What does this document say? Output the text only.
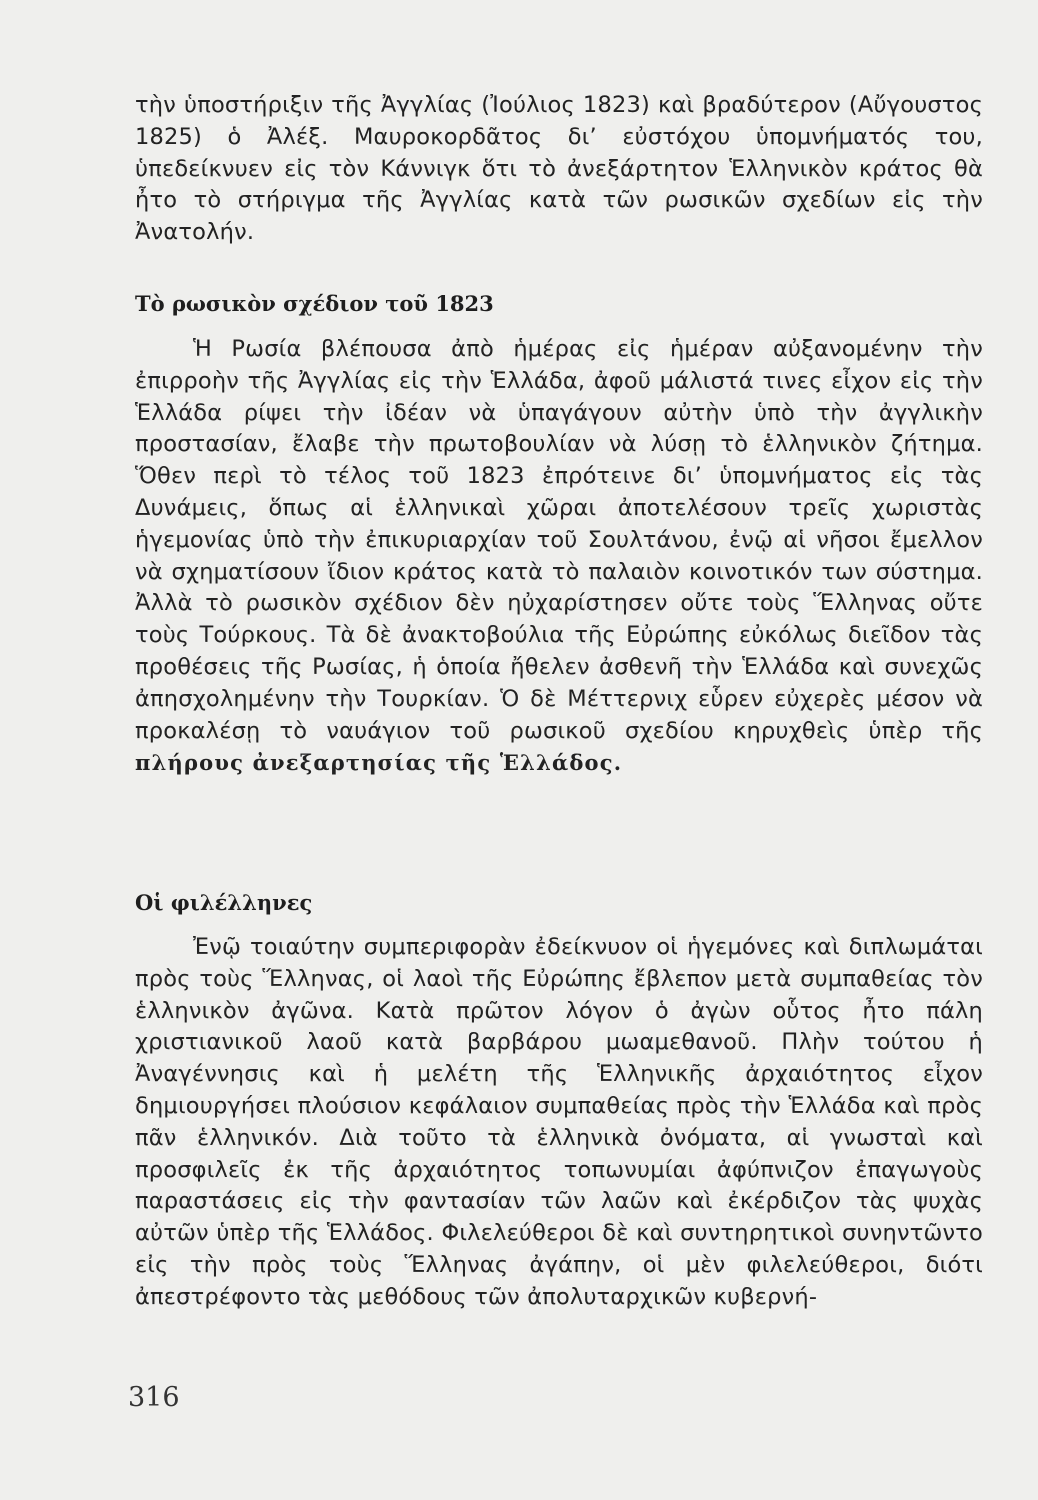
τὴν ὑποστήριξιν τῆς Ἀγγλίας (Ἰούλιος 1823) καὶ βραδύτερον (Αὔγουστος 1825) ὁ Ἀλέξ. Μαυροκορδᾶτος δι’ εὐστόχου ὑπομνήματός του, ὑπεδείκνυεν εἰς τὸν Κάννιγκ ὅτι τὸ ἀνεξάρτητον Ἑλληνικὸν κράτος θὰ ἦτο τὸ στήριγμα τῆς Ἀγγλίας κατὰ τῶν ρωσικῶν σχεδίων εἰς τὴν Ἀνατολήν.

Τὸ ρωσικὸν σχέδιον τοῦ 1823

Ἡ Ρωσία βλέπουσα ἀπὸ ἡμέρας εἰς ἡμέραν αὐξανομένην τὴν ἐπιρροὴν τῆς Ἀγγλίας εἰς τὴν Ἑλλάδα, ἀφοῦ μάλιστά τινες εἶχον εἰς τὴν Ἑλλάδα ρίψει τὴν ἰδέαν νὰ ὑπαγάγουν αὐτὴν ὑπὸ τὴν ἀγγλικὴν προστασίαν, ἔλαβε τὴν πρωτοβουλίαν νὰ λύσῃ τὸ ἑλληνικὸν ζήτημα. Ὅθεν περὶ τὸ τέλος τοῦ 1823 ἐπρότεινε δι’ ὑπομνήματος εἰς τὰς Δυνάμεις, ὅπως αἱ ἑλληνικαὶ χῶραι ἀποτελέσουν τρεῖς χωριστὰς ἡγεμονίας ὑπὸ τὴν ἐπικυριαρχίαν τοῦ Σουλτάνου, ἐνῷ αἱ νῆσοι ἔμελλον νὰ σχηματίσουν ἴδιον κράτος κατὰ τὸ παλαιὸν κοινοτικόν των σύστημα. Ἀλλὰ τὸ ρωσικὸν σχέδιον δὲν ηὐχαρίστησεν οὔτε τοὺς Ἕλληνας οὔτε τοὺς Τούρκους. Τὰ δὲ ἀνακτοβούλια τῆς Εὐρώπης εὐκόλως διεῖδον τὰς προθέσεις τῆς Ρωσίας, ἡ ὁποία ἤθελεν ἀσθενῆ τὴν Ἑλλάδα καὶ συνεχῶς ἀπησχολημένην τὴν Τουρκίαν. Ὁ δὲ Μέττερνιχ εὗρεν εὐχερὲς μέσον νὰ προκαλέσῃ τὸ ναυάγιον τοῦ ρωσικοῦ σχεδίου κηρυχθεὶς ὑπὲρ τῆς πλήρους ἀνεξαρτησίας τῆς Ἑλλάδος.

Οἱ φιλέλληνες

Ἐνῷ τοιαύτην συμπεριφορὰν ἐδείκνυον οἱ ἡγεμόνες καὶ διπλωμάται πρὸς τοὺς Ἕλληνας, οἱ λαοὶ τῆς Εὐρώπης ἔβλεπον μετὰ συμπαθείας τὸν ἑλληνικὸν ἀγῶνα. Κατὰ πρῶτον λόγον ὁ ἀγὼν οὗτος ἦτο πάλη χριστιανικοῦ λαοῦ κατὰ βαρβάρου μωαμεθανοῦ. Πλὴν τούτου ἡ Ἀναγέννησις καὶ ἡ μελέτη τῆς Ἑλληνικῆς ἀρχαιότητος εἶχον δημιουργήσει πλούσιον κεφάλαιον συμπαθείας πρὸς τὴν Ἑλλάδα καὶ πρὸς πᾶν ἑλληνικόν. Διὰ τοῦτο τὰ ἑλληνικὰ ὀνόματα, αἱ γνωσταὶ καὶ προσφιλεῖς ἐκ τῆς ἀρχαιότητος τοπωνυμίαι ἀφύπνιζον ἐπαγωγοὺς παραστάσεις εἰς τὴν φαντασίαν τῶν λαῶν καὶ ἐκέρδιζον τὰς ψυχὰς αὐτῶν ὑπὲρ τῆς Ἑλλάδος. Φιλελεύθεροι δὲ καὶ συντηρητικοὶ συνηντῶντο εἰς τὴν πρὸς τοὺς Ἕλληνας ἀγάπην, οἱ μὲν φιλελεύθεροι, διότι ἀπεστρέφοντο τὰς μεθόδους τῶν ἀπολυταρχικῶν κυβερνή-

316
